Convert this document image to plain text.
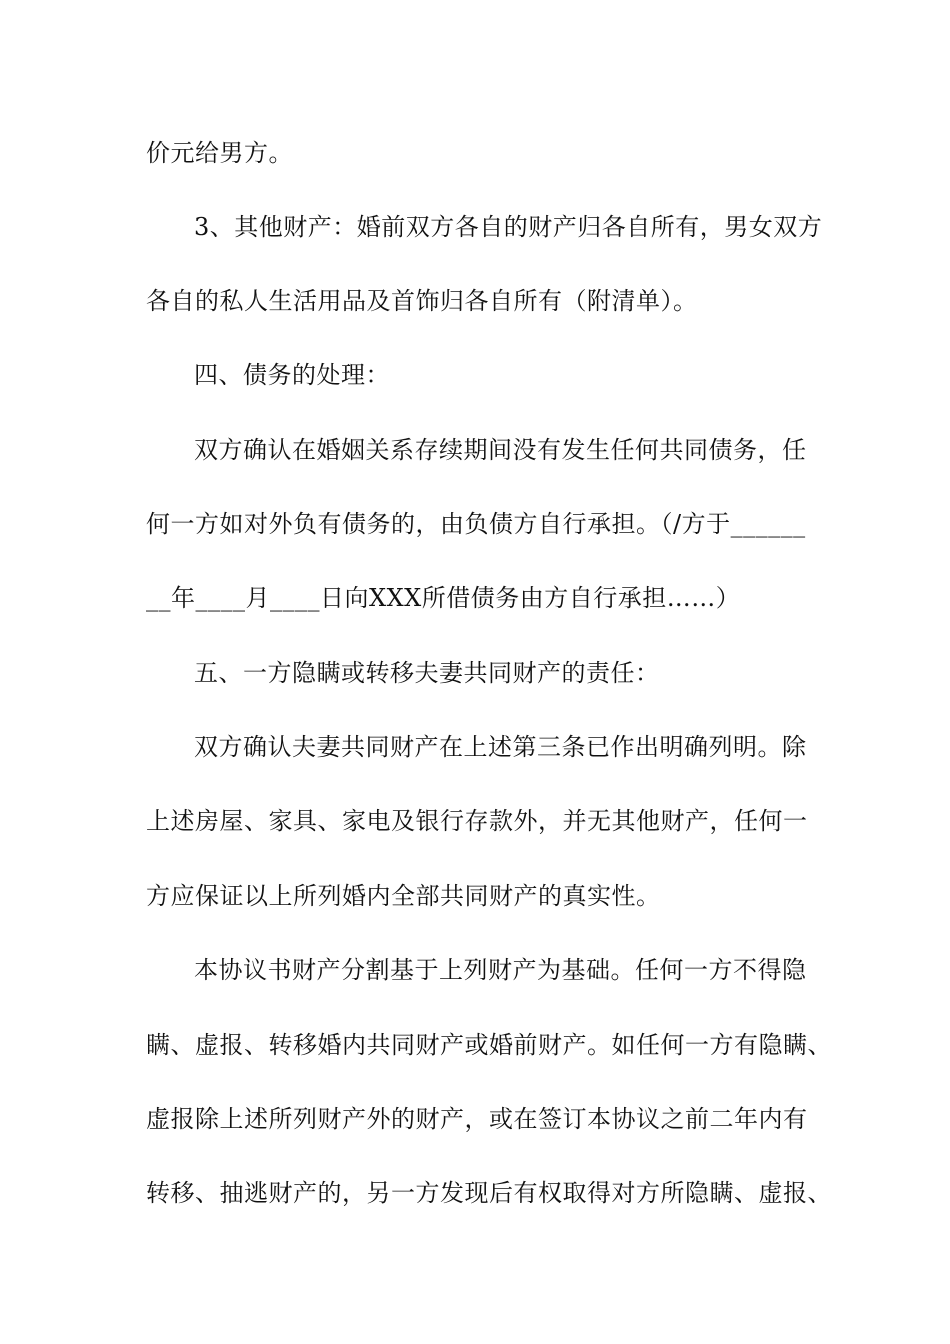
价元给男方。
3、其他财产：婚前双方各自的财产归各自所有，男女双方
各自的私人生活用品及首饰归各自所有（附清单）。
四、债务的处理：
双方确认在婚姻关系存续期间没有发生任何共同债务，任
何一方如对外负有债务的，由负债方自行承担。（/方于______
__年____月____日向XXX所借债务由方自行承担……）
五、一方隐瞒或转移夫妻共同财产的责任：
双方确认夫妻共同财产在上述第三条已作出明确列明。除
上述房屋、家具、家电及银行存款外，并无其他财产，任何一
方应保证以上所列婚内全部共同财产的真实性。
本协议书财产分割基于上列财产为基础。任何一方不得隐
瞒、虚报、转移婚内共同财产或婚前财产。如任何一方有隐瞒、
虚报除上述所列财产外的财产，或在签订本协议之前二年内有
转移、抽逃财产的，另一方发现后有权取得对方所隐瞒、虚报、
